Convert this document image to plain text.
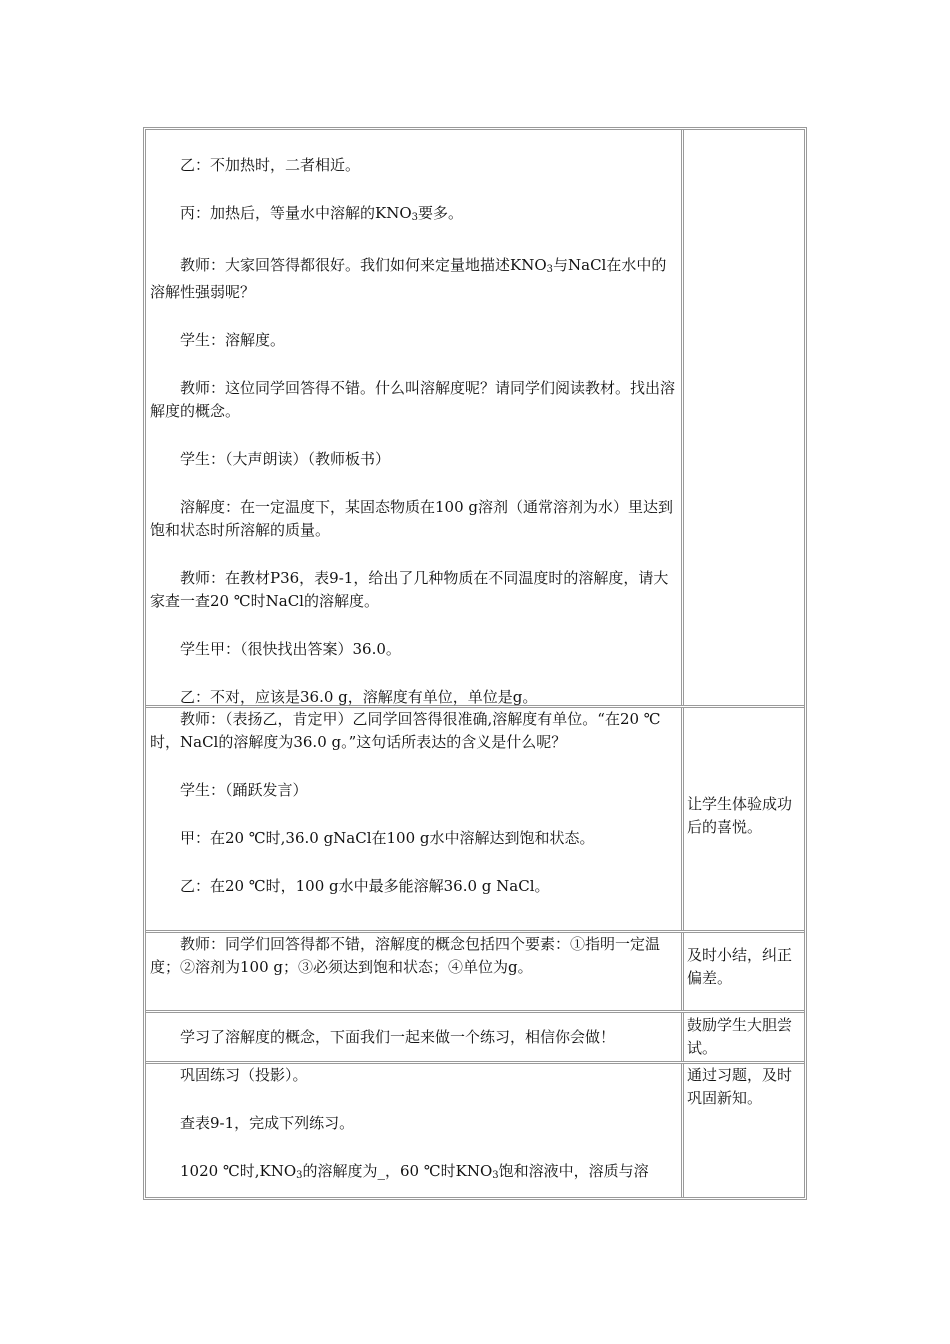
乙：不加热时，二者相近。

丙：加热后，等量水中溶解的$KNO_3$要多。

教师：大家回答得都很好。我们如何来定量地描述$KNO_3$与NaCl在水中的溶解性强弱呢？

学生：溶解度。

教师：这位同学回答得不错。什么叫溶解度呢？请同学们阅读教材。找出溶解度的概念。

学生：（大声朗读）（教师板书）

溶解度：在一定温度下，某固态物质在100 g溶剂（通常溶剂为水）里达到饱和状态时所溶解的质量。

教师：在教材P36，表9-1，给出了几种物质在不同温度时的溶解度，请大家查一查20 ℃时NaCl的溶解度。

学生甲：（很快找出答案）36.0。

乙：不对，应该是36.0 g，溶解度有单位，单位是g。

教师：（表扬乙，肯定甲）乙同学回答得很准确,溶解度有单位。“在20 ℃时，NaCl的溶解度为36.0 g。”这句话所表达的含义是什么呢？

学生：（踊跃发言）

甲：在20 ℃时,36.0 gNaCl在100 g水中溶解达到饱和状态。

乙：在20 ℃时，100 g水中最多能溶解36.0 g NaCl。

让学生体验成功后的喜悦。

教师：同学们回答得都不错，溶解度的概念包括四个要素：①指明一定温度；②溶剂为100 g；③必须达到饱和状态；④单位为g。

及时小结，纠正偏差。

学习了溶解度的概念，下面我们一起来做一个练习，相信你会做！

鼓励学生大胆尝试。

巩固练习（投影）。

查表9-1，完成下列练习。

1020 ℃时$,KNO_3$的溶解度为_，60 ℃时$KNO_3$饱和溶液中，溶质与溶

通过习题，及时巩固新知。
